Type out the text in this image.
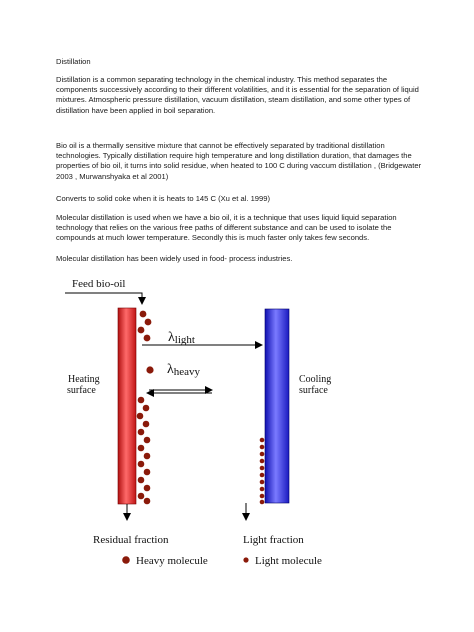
Distillation
Distillation is a common separating technology in the chemical industry. This method separates the components successively according to their different volatilities, and it is essential for the separation of liquid mixtures. Atmospheric pressure distillation, vacuum distillation, steam distillation, and some other types of distillation have been applied in boil separation.
Bio oil is a thermally sensitive mixture that cannot be effectively separated by traditional distillation technologies. Typically distillation require high temperature and long distillation duration, that damages the properties of bio oil, it turns into solid residue, when heated to 100 C during vaccum distillation , (Bridgewater 2003 , Murwanshyaka et al 2001)
Converts to solid coke when it is heats to 145 C (Xu et al. 1999)
Molecular distillation is used when we have a bio oil, it is a technique that uses liquid liquid separation technology that relies on the various free paths of different substance and can be used to isolate the compounds at much lower temperature. Secondly this is much faster only takes few seconds.
Molecular distillation has been widely used in food- process industries.
Feed bio-oil
λlight
λheavy
Heating
surface
Cooling
surface
Residual fraction	Light fraction
Heavy molecule	Light molecule
